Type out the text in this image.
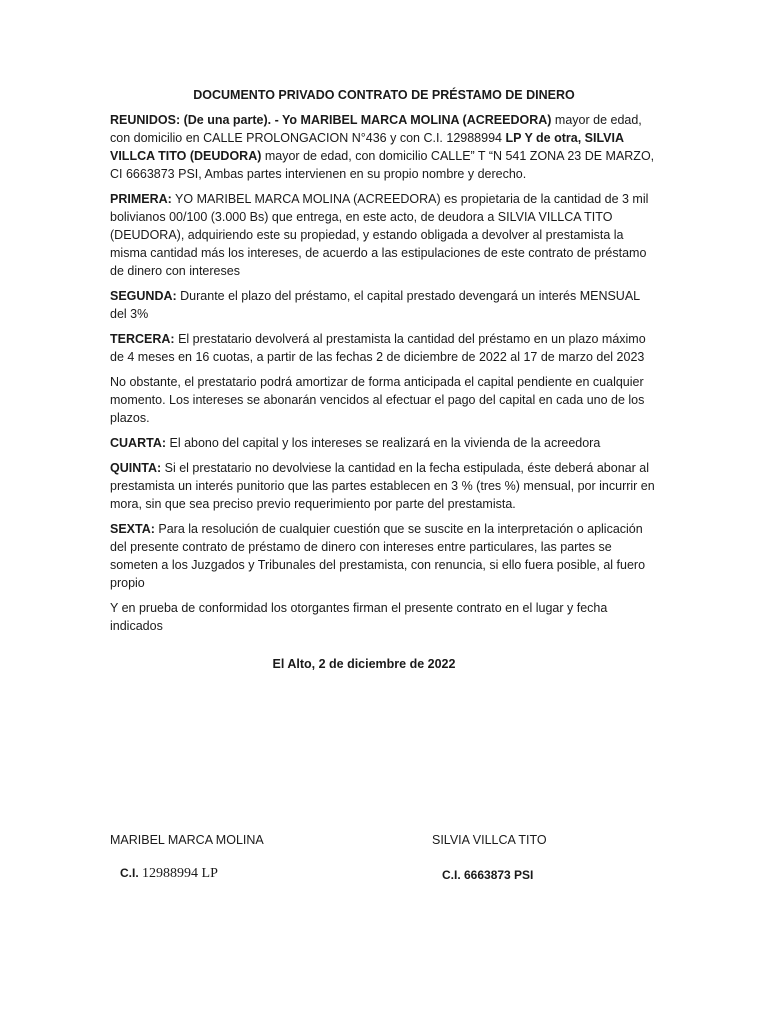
DOCUMENTO PRIVADO CONTRATO DE PRÉSTAMO DE DINERO

REUNIDOS: (De una parte). - Yo MARIBEL MARCA MOLINA (ACREEDORA) mayor de edad, con domicilio en CALLE PROLONGACION N°436 y con C.I. 12988994 LP Y de otra, SILVIA VILLCA TITO (DEUDORA) mayor de edad, con domicilio CALLE” T “N 541 ZONA 23 DE MARZO, CI 6663873 PSI, Ambas partes intervienen en su propio nombre y derecho.

PRIMERA: YO MARIBEL MARCA MOLINA (ACREEDORA) es propietaria de la cantidad de 3 mil bolivianos 00/100 (3.000 Bs) que entrega, en este acto, de deudora a SILVIA VILLCA TITO (DEUDORA), adquiriendo este su propiedad, y estando obligada a devolver al prestamista la misma cantidad más los intereses, de acuerdo a las estipulaciones de este contrato de préstamo de dinero con intereses

SEGUNDA: Durante el plazo del préstamo, el capital prestado devengará un interés MENSUAL del 3%

TERCERA: El prestatario devolverá al prestamista la cantidad del préstamo en un plazo máximo de 4 meses en 16 cuotas, a partir de las fechas 2 de diciembre de 2022 al 17 de marzo del 2023

No obstante, el prestatario podrá amortizar de forma anticipada el capital pendiente en cualquier momento. Los intereses se abonarán vencidos al efectuar el pago del capital en cada uno de los plazos.

CUARTA: El abono del capital y los intereses se realizará en la vivienda de la acreedora

QUINTA: Si el prestatario no devolviese la cantidad en la fecha estipulada, éste deberá abonar al prestamista un interés punitorio que las partes establecen en 3 % (tres %) mensual, por incurrir en mora, sin que sea preciso previo requerimiento por parte del prestamista.

SEXTA: Para la resolución de cualquier cuestión que se suscite en la interpretación o aplicación del presente contrato de préstamo de dinero con intereses entre particulares, las partes se someten a los Juzgados y Tribunales del prestamista, con renuncia, si ello fuera posible, al fuero propio

Y en prueba de conformidad los otorgantes firman el presente contrato en el lugar y fecha indicados

El Alto, 2 de diciembre de 2022
MARIBEL MARCA MOLINA
C.I. 12988994 LP
SILVIA VILLCA TITO
C.I. 6663873 PSI
